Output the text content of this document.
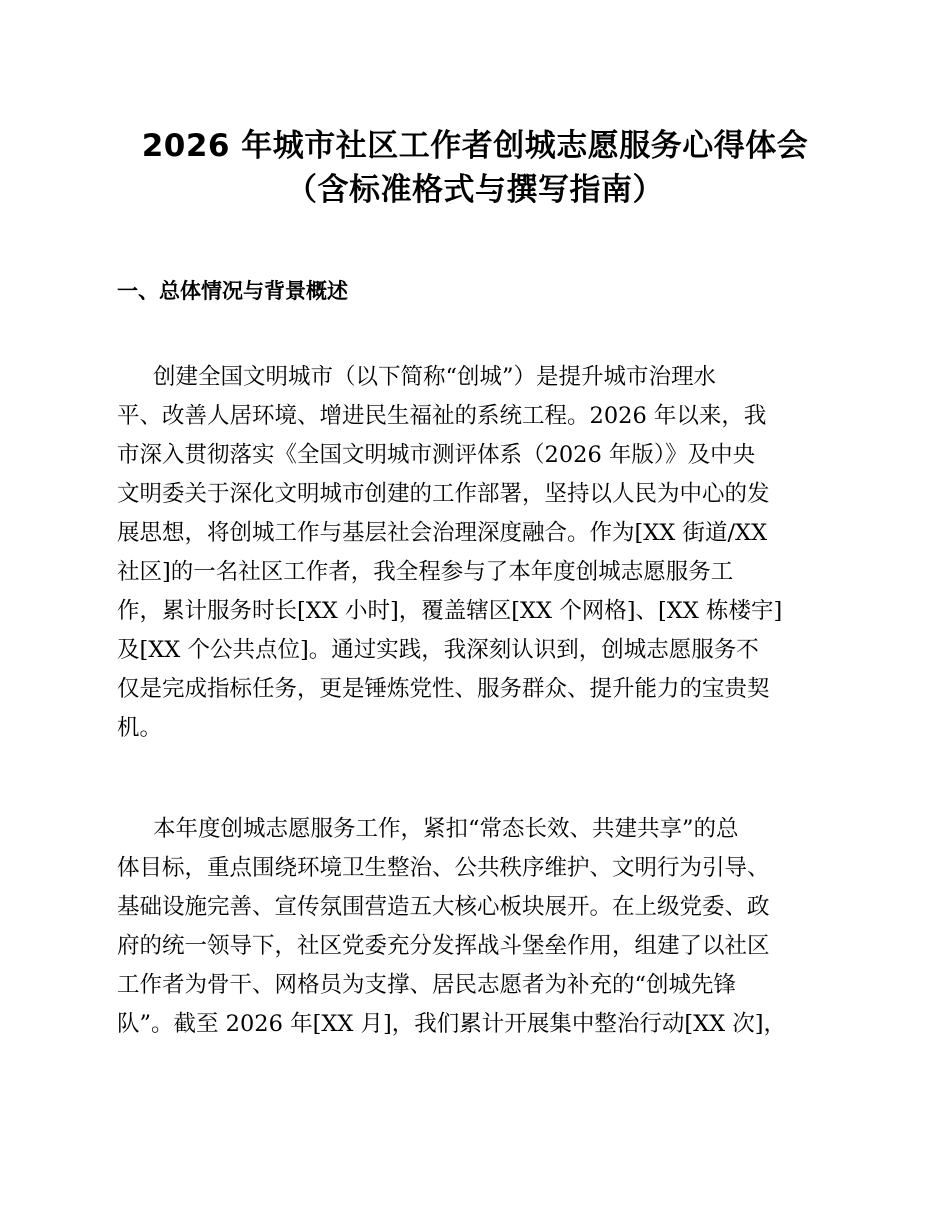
2026 年城市社区工作者创城志愿服务心得体会
（含标准格式与撰写指南）
一、总体情况与背景概述

创建全国文明城市（以下简称“创城”）是提升城市治理水

平、改善人居环境、增进民生福祉的系统工程。2026 年以来，我

市深入贯彻落实《全国文明城市测评体系（2026 年版）》及中央

文明委关于深化文明城市创建的工作部署，坚持以人民为中心的发

展思想，将创城工作与基层社会治理深度融合。作为[XX 街道/XX

社区]的一名社区工作者，我全程参与了本年度创城志愿服务工

作，累计服务时长[XX 小时]，覆盖辖区[XX 个网格]、[XX 栋楼宇]

及[XX 个公共点位]。通过实践，我深刻认识到，创城志愿服务不

仅是完成指标任务，更是锤炼党性、服务群众、提升能力的宝贵契

机。

本年度创城志愿服务工作，紧扣“常态长效、共建共享”的总

体目标，重点围绕环境卫生整治、公共秩序维护、文明行为引导、

基础设施完善、宣传氛围营造五大核心板块展开。在上级党委、政

府的统一领导下，社区党委充分发挥战斗堡垒作用，组建了以社区

工作者为骨干、网格员为支撑、居民志愿者为补充的“创城先锋

队”。截至 2026 年[XX 月]，我们累计开展集中整治行动[XX 次]，
